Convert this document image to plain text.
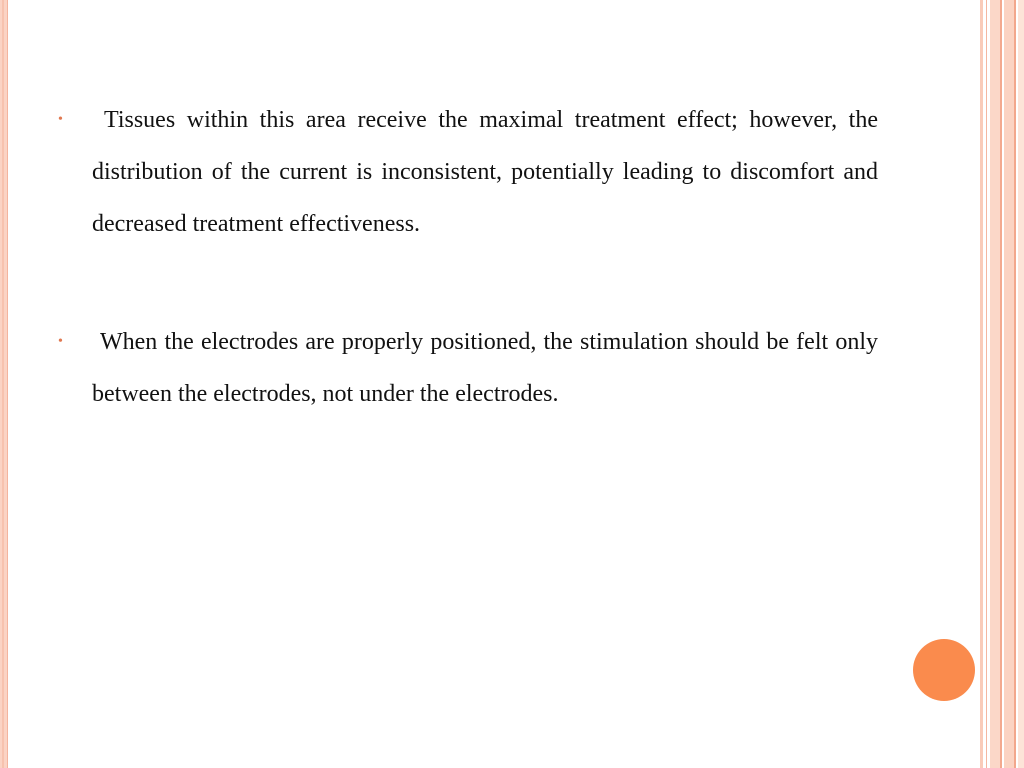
•	Tissues within this area receive the maximal treatment effect; however, the distribution of the current is inconsistent, potentially leading to discomfort and decreased treatment effectiveness.
•	When the electrodes are properly positioned, the stimulation should be felt only between the electrodes, not under the electrodes.
